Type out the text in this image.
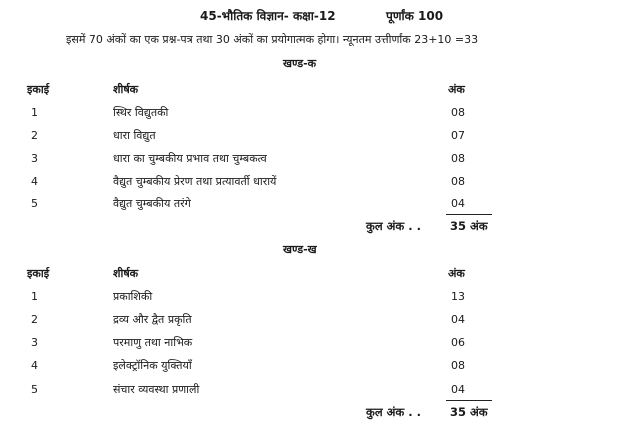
45-भौतिक विज्ञान- कक्षा-12	पूर्णांक 100
इसमें 70 अंकों का एक प्रश्न-पत्र तथा 30 अंकों का प्रयोगात्मक होगा। न्यूनतम उत्तीर्णांक 23+10 =33
खण्ड-क
इकाई	शीर्षक	अंक
1	स्थिर विद्युतकी	08
2	धारा विद्युत	07
3	धारा का चुम्बकीय प्रभाव तथा चुम्बकत्व	08
4	वैद्युत चुम्बकीय प्रेरण तथा प्रत्यावर्ती धारायें	08
5	वैद्युत चुम्बकीय तरंगे	04
कुल अंक . .	35 अंक
खण्ड-ख
इकाई	शीर्षक	अंक
1	प्रकाशिकी	13
2	द्रव्य और द्वैत प्रकृति	04
3	परमाणु तथा नाभिक	06
4	इलेक्ट्रॉनिक युक्तियाँ	08
5	संचार व्यवस्था प्रणाली	04
कुल अंक . .	35 अंक
